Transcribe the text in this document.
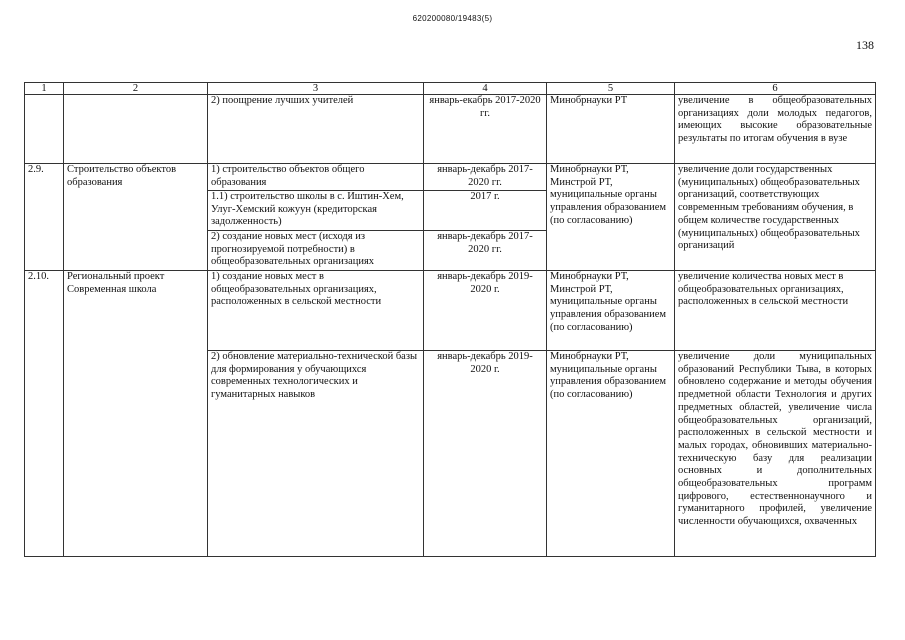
620200080/19483(5)
138
1	2	3	4	5	6
		2) поощрение лучших учителей	январь-екабрь 2017-2020 гг.	Минобрнауки РТ	увеличение в общеобразовательных организациях доли молодых педагогов, имеющих высокие образовательные результаты по итогам обучения в вузе
2.9.	Строительство объектов образования	1) строительство объектов общего образования	январь-декабрь 2017-2020 гг.	Минобрнауки РТ, Минстрой РТ, муниципальные органы управления образованием (по согласованию)	увеличение доли государственных (муниципальных) общеобразовательных организаций, соответствующих современным требованиям обучения, в общем количестве государственных (муниципальных) общеобразовательных организаций
		1.1) строительство школы в с. Иштин-Хем, Улуг-Хемский кожуун (кредиторская задолженность)	2017 г.		
		2) создание новых мест (исходя из прогнозируемой потребности) в общеобразовательных организациях	январь-декабрь 2017-2020 гг.		
2.10.	Региональный проект Современная школа	1) создание новых мест в общеобразовательных организациях, расположенных в сельской местности	январь-декабрь 2019-2020 г.	Минобрнауки РТ, Минстрой РТ, муниципальные органы управления образованием (по согласованию)	увеличение количества новых мест в общеобразовательных организациях, расположенных в сельской местности
		2) обновление материально-технической базы для формирования у обучающихся современных технологических и гуманитарных навыков	январь-декабрь 2019-2020 г.	Минобрнауки РТ, муниципальные органы управления образованием (по согласованию)	увеличение доли муниципальных образований Республики Тыва, в которых обновлено содержание и методы обучения предметной области Технология и других предметных областей, увеличение числа общеобразовательных организаций, расположенных в сельской местности и малых городах, обновивших материально-техническую базу для реализации основных и дополнительных общеобразовательных программ цифрового, естественнонаучного и гуманитарного профилей, увеличение численности обучающихся, охваченных
